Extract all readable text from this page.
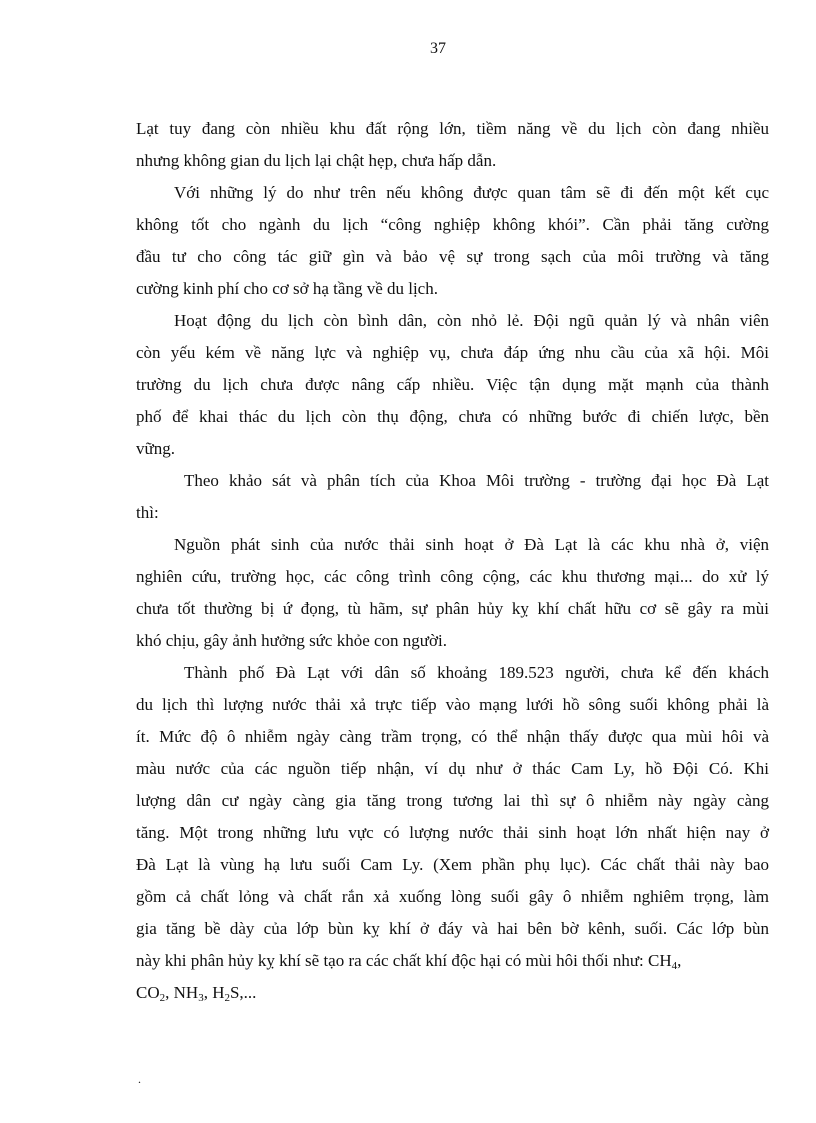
37
Lạt tuy đang còn nhiều khu đất rộng lớn, tiềm năng về du lịch còn đang nhiều
nhưng không gian du lịch lại chật hẹp, chưa hấp dẫn.
Với những lý do như trên nếu không được quan tâm sẽ đi đến một kết cục
không tốt cho ngành du lịch “công nghiệp không khói”. Cần phải tăng cường
đầu tư cho công tác giữ gìn và bảo vệ sự trong sạch của môi trường và tăng
cường kinh phí cho cơ sở hạ tầng về du lịch.
Hoạt động du lịch còn bình dân, còn nhỏ lẻ. Đội ngũ quản lý và nhân viên
còn yếu kém về năng lực và nghiệp vụ, chưa đáp ứng nhu cầu của xã hội. Môi
trường du lịch chưa được nâng cấp nhiều. Việc tận dụng mặt mạnh của thành
phố để khai thác du lịch còn thụ động, chưa có những bước đi chiến lược, bền
vững.
Theo khảo sát và phân tích của Khoa Môi trường - trường đại học Đà Lạt
thì:
Nguồn phát sinh của nước thải sinh hoạt ở Đà Lạt là các khu nhà ở, viện
nghiên cứu, trường học, các công trình công cộng, các khu thương mại... do xử lý
chưa tốt thường bị ứ đọng, tù hãm, sự phân hủy kỵ khí chất hữu cơ sẽ gây ra mùi
khó chịu, gây ảnh hưởng sức khỏe con người.
Thành phố Đà Lạt với dân số khoảng 189.523 người, chưa kể đến khách
du lịch thì lượng nước thải xả trực tiếp vào mạng lưới hồ sông suối không phải là
ít. Mức độ ô nhiễm ngày càng trầm trọng, có thể nhận thấy được qua mùi hôi và
màu nước của các nguồn tiếp nhận, ví dụ như ở thác Cam Ly, hồ Đội Có. Khi
lượng dân cư ngày càng gia tăng trong tương lai thì sự ô nhiễm này ngày càng
tăng. Một trong những lưu vực có lượng nước thải sinh hoạt lớn nhất hiện nay ở
Đà Lạt là vùng hạ lưu suối Cam Ly. (Xem phần phụ lục). Các chất thải này bao
gồm cả chất lỏng và chất rắn xả xuống lòng suối gây ô nhiễm nghiêm trọng, làm
gia tăng bề dày của lớp bùn kỵ khí ở đáy và hai bên bờ kênh, suối. Các lớp bùn
này khi phân hủy kỵ khí sẽ tạo ra các chất khí độc hại có mùi hôi thối như: $CH_4$,
$CO_2$, $NH_3$, $H_2S$,...
.
